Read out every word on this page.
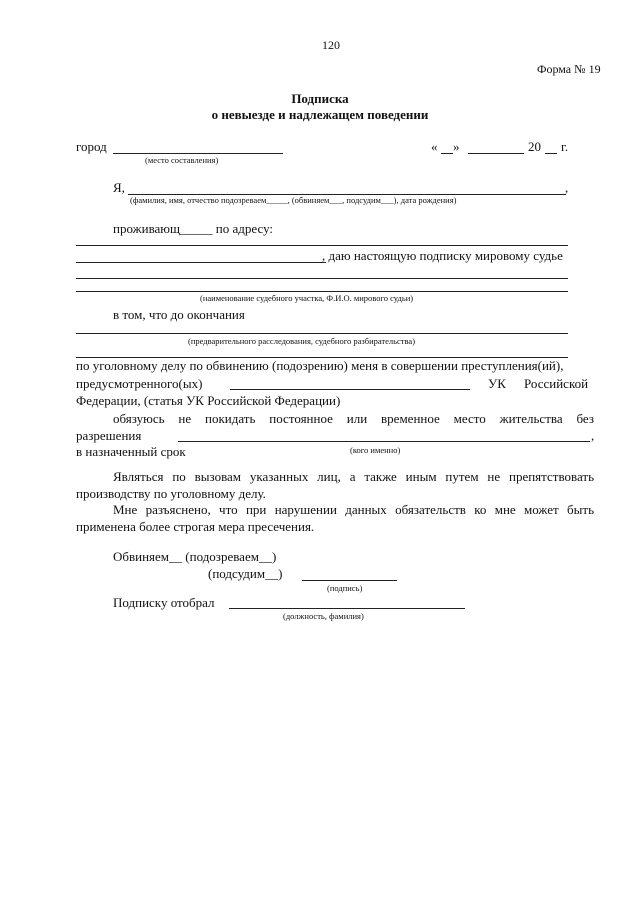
120
Форма № 19
Подписка
о невыезде и надлежащем поведении
город
(место составления)
« »	20 г.
Я,	,
(фамилия, имя, отчество подозреваем_____, (обвиняем___, подсудим___), дата рождения)
проживающ_____ по адресу:
, даю настоящую подписку мировому судье
(наименование судебного участка, Ф.И.О. мирового судьи)
в том, что до окончания
(предварительного расследования, судебного разбирательства)
по уголовному делу по обвинению (подозрению) меня в совершении преступления(ий),
предусмотренного(ых)	УК Российской
Федерации, (статья УК Российской Федерации)
обязуюсь не покидать постоянное или временное место жительства без
разрешения	,
в назначенный срок	(кого именно)
Являться по вызовам указанных лиц, а также иным путем не препятствовать
производству по уголовному делу.
Мне разъяснено, что при нарушении данных обязательств ко мне может быть
применена более строгая мера пресечения.
Обвиняем__ (подозреваем__)
(подсудим__)
(подпись)
Подписку отобрал
(должность, фамилия)
